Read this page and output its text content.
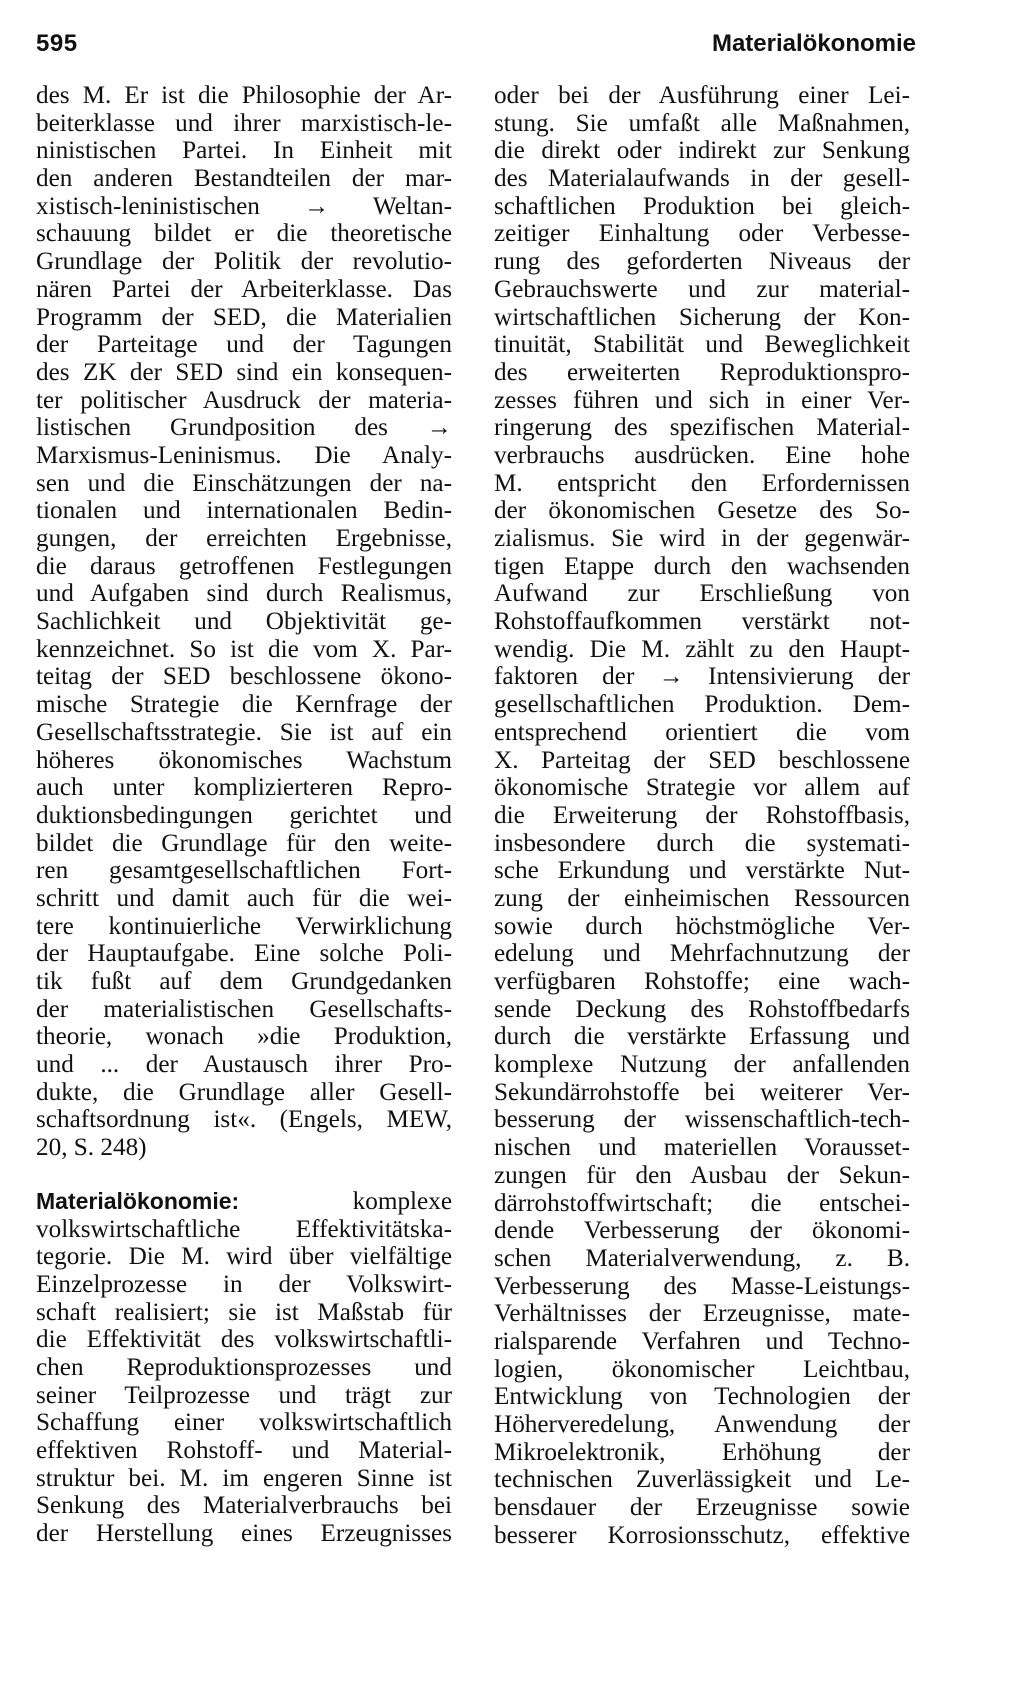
595	Materialökonomie
des M. Er ist die Philosophie der Ar-
beiterklasse und ihrer marxistisch-le-
ninistischen Partei. In Einheit mit
den anderen Bestandteilen der mar-
xistisch-leninistischen → Weltan-
schauung bildet er die theoretische
Grundlage der Politik der revolutio-
nären Partei der Arbeiterklasse. Das
Programm der SED, die Materialien
der Parteitage und der Tagungen
des ZK der SED sind ein konsequen-
ter politischer Ausdruck der materia-
listischen Grundposition des →
Marxismus-Leninismus. Die Analy-
sen und die Einschätzungen der na-
tionalen und internationalen Bedin-
gungen, der erreichten Ergebnisse,
die daraus getroffenen Festlegungen
und Aufgaben sind durch Realismus,
Sachlichkeit und Objektivität ge-
kennzeichnet. So ist die vom X. Par-
teitag der SED beschlossene ökono-
mische Strategie die Kernfrage der
Gesellschaftsstrategie. Sie ist auf ein
höheres ökonomisches Wachstum
auch unter komplizierteren Repro-
duktionsbedingungen gerichtet und
bildet die Grundlage für den weite-
ren gesamtgesellschaftlichen Fort-
schritt und damit auch für die wei-
tere kontinuierliche Verwirklichung
der Hauptaufgabe. Eine solche Poli-
tik fußt auf dem Grundgedanken
der materialistischen Gesellschafts-
theorie, wonach »die Produktion,
und ... der Austausch ihrer Pro-
dukte, die Grundlage aller Gesell-
schaftsordnung ist«. (Engels, MEW,
20, S. 248)
Materialökonomie:	komplexe
volkswirtschaftliche Effektivitätska-
tegorie. Die M. wird über vielfältige
Einzelprozesse in der Volkswirt-
schaft realisiert; sie ist Maßstab für
die Effektivität des volkswirtschaftli-
chen Reproduktionsprozesses und
seiner Teilprozesse und trägt zur
Schaffung einer volkswirtschaftlich
effektiven Rohstoff- und Material-
struktur bei. M. im engeren Sinne ist
Senkung des Materialverbrauchs bei
der Herstellung eines Erzeugnisses
oder bei der Ausführung einer Lei-
stung. Sie umfaßt alle Maßnahmen,
die direkt oder indirekt zur Senkung
des Materialaufwands in der gesell-
schaftlichen Produktion bei gleich-
zeitiger Einhaltung oder Verbesse-
rung des geforderten Niveaus der
Gebrauchswerte und zur material-
wirtschaftlichen Sicherung der Kon-
tinuität, Stabilität und Beweglichkeit
des erweiterten Reproduktionspro-
zesses führen und sich in einer Ver-
ringerung des spezifischen Material-
verbrauchs ausdrücken. Eine hohe
M. entspricht den Erfordernissen
der ökonomischen Gesetze des So-
zialismus. Sie wird in der gegenwär-
tigen Etappe durch den wachsenden
Aufwand zur Erschließung von
Rohstoffaufkommen verstärkt not-
wendig. Die M. zählt zu den Haupt-
faktoren der → Intensivierung der
gesellschaftlichen Produktion. Dem-
entsprechend orientiert die vom
X. Parteitag der SED beschlossene
ökonomische Strategie vor allem auf
die Erweiterung der Rohstoffbasis,
insbesondere durch die systemati-
sche Erkundung und verstärkte Nut-
zung der einheimischen Ressourcen
sowie durch höchstmögliche Ver-
edelung und Mehrfachnutzung der
verfügbaren Rohstoffe; eine wach-
sende Deckung des Rohstoffbedarfs
durch die verstärkte Erfassung und
komplexe Nutzung der anfallenden
Sekundärrohstoffe bei weiterer Ver-
besserung der wissenschaftlich-tech-
nischen und materiellen Vorausset-
zungen für den Ausbau der Sekun-
därrohstoffwirtschaft; die entschei-
dende Verbesserung der ökonomi-
schen Materialverwendung, z. B.
Verbesserung des Masse-Leistungs-
Verhältnisses der Erzeugnisse, mate-
rialsparende Verfahren und Techno-
logien, ökonomischer Leichtbau,
Entwicklung von Technologien der
Höherveredelung, Anwendung der
Mikroelektronik, Erhöhung der
technischen Zuverlässigkeit und Le-
bensdauer der Erzeugnisse sowie
besserer Korrosionsschutz, effektive
